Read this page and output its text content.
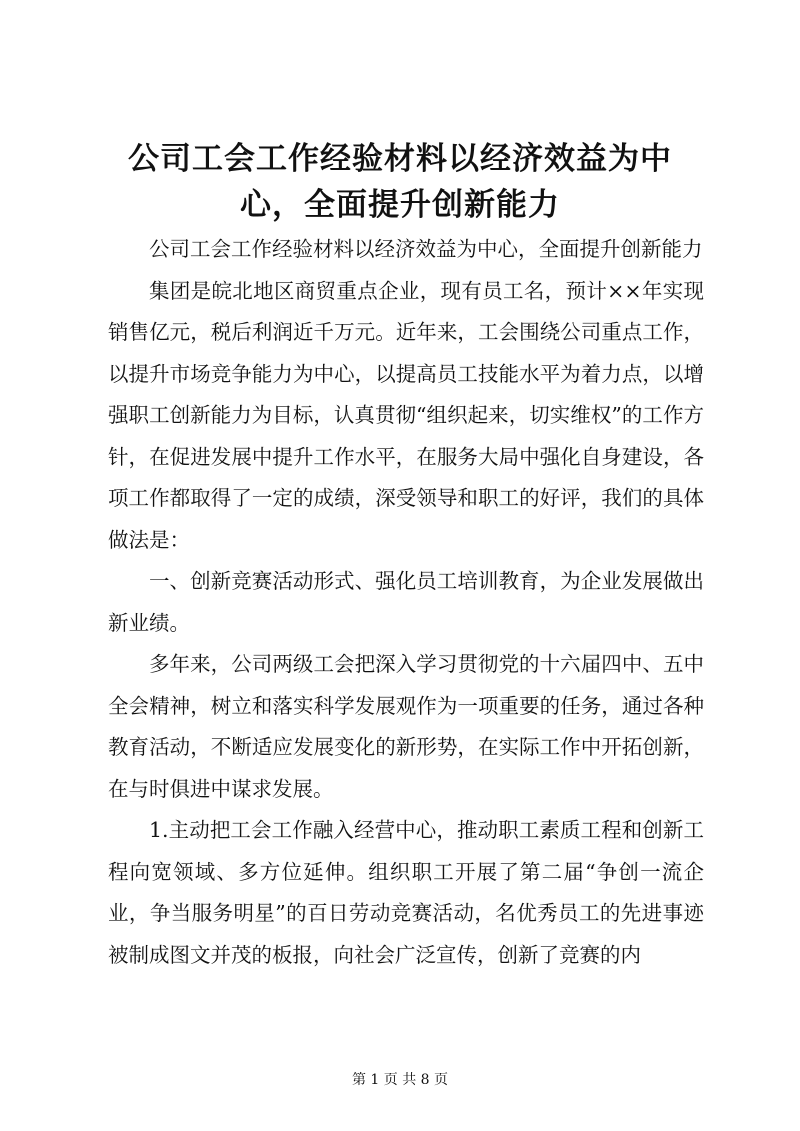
公司工会工作经验材料以经济效益为中心，全面提升创新能力

公司工会工作经验材料以经济效益为中心，全面提升创新能力

集团是皖北地区商贸重点企业，现有员工名，预计××年实现销售亿元，税后利润近千万元。近年来，工会围绕公司重点工作，以提升市场竞争能力为中心，以提高员工技能水平为着力点，以增强职工创新能力为目标，认真贯彻“组织起来，切实维权”的工作方针，在促进发展中提升工作水平，在服务大局中强化自身建设，各项工作都取得了一定的成绩，深受领导和职工的好评，我们的具体做法是：

一、创新竞赛活动形式、强化员工培训教育，为企业发展做出新业绩。

多年来，公司两级工会把深入学习贯彻党的十六届四中、五中全会精神，树立和落实科学发展观作为一项重要的任务，通过各种教育活动，不断适应发展变化的新形势，在实际工作中开拓创新，在与时俱进中谋求发展。

1.主动把工会工作融入经营中心，推动职工素质工程和创新工程向宽领域、多方位延伸。组织职工开展了第二届“争创一流企业，争当服务明星”的百日劳动竞赛活动，名优秀员工的先进事迹被制成图文并茂的板报，向社会广泛宣传，创新了竞赛的内

第 1 页 共 8 页
